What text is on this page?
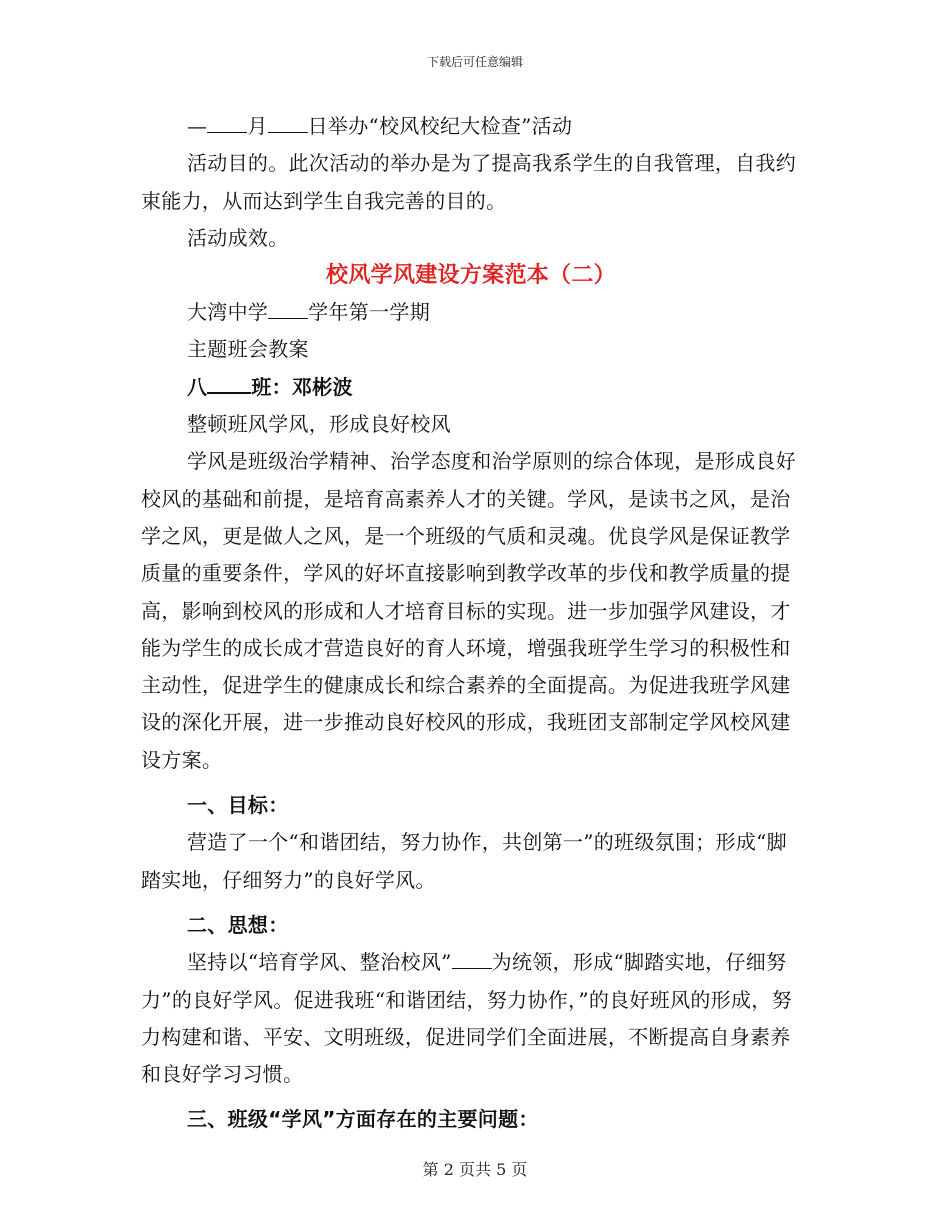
下载后可任意编辑

— 月 日举办“校风校纪大检查”活动

活动目的。此次活动的举办是为了提高我系学生的自我管理，自我约束能力，从而达到学生自我完善的目的。

活动成效。

校风学风建设方案范本（二）

大湾中学 学年第一学期

主题班会教案

八 班：邓彬波

整顿班风学风，形成良好校风

学风是班级治学精神、治学态度和治学原则的综合体现，是形成良好校风的基础和前提，是培育高素养人才的关键。学风，是读书之风，是治学之风，更是做人之风，是一个班级的气质和灵魂。优良学风是保证教学质量的重要条件，学风的好坏直接影响到教学改革的步伐和教学质量的提高，影响到校风的形成和人才培育目标的实现。进一步加强学风建设，才能为学生的成长成才营造良好的育人环境，增强我班学生学习的积极性和主动性，促进学生的健康成长和综合素养的全面提高。为促进我班学风建设的深化开展，进一步推动良好校风的形成，我班团支部制定学风校风建设方案。

一、目标：

营造了一个“和谐团结，努力协作，共创第一”的班级氛围；形成“脚踏实地，仔细努力”的良好学风。

二、思想：

坚持以“培育学风、整治校风” 为统领，形成“脚踏实地，仔细努力”的良好学风。促进我班“和谐团结，努力协作，”的良好班风的形成，努力构建和谐、平安、文明班级，促进同学们全面进展，不断提高自身素养和良好学习习惯。

三、班级“学风”方面存在的主要问题：

第 2 页共 5 页
